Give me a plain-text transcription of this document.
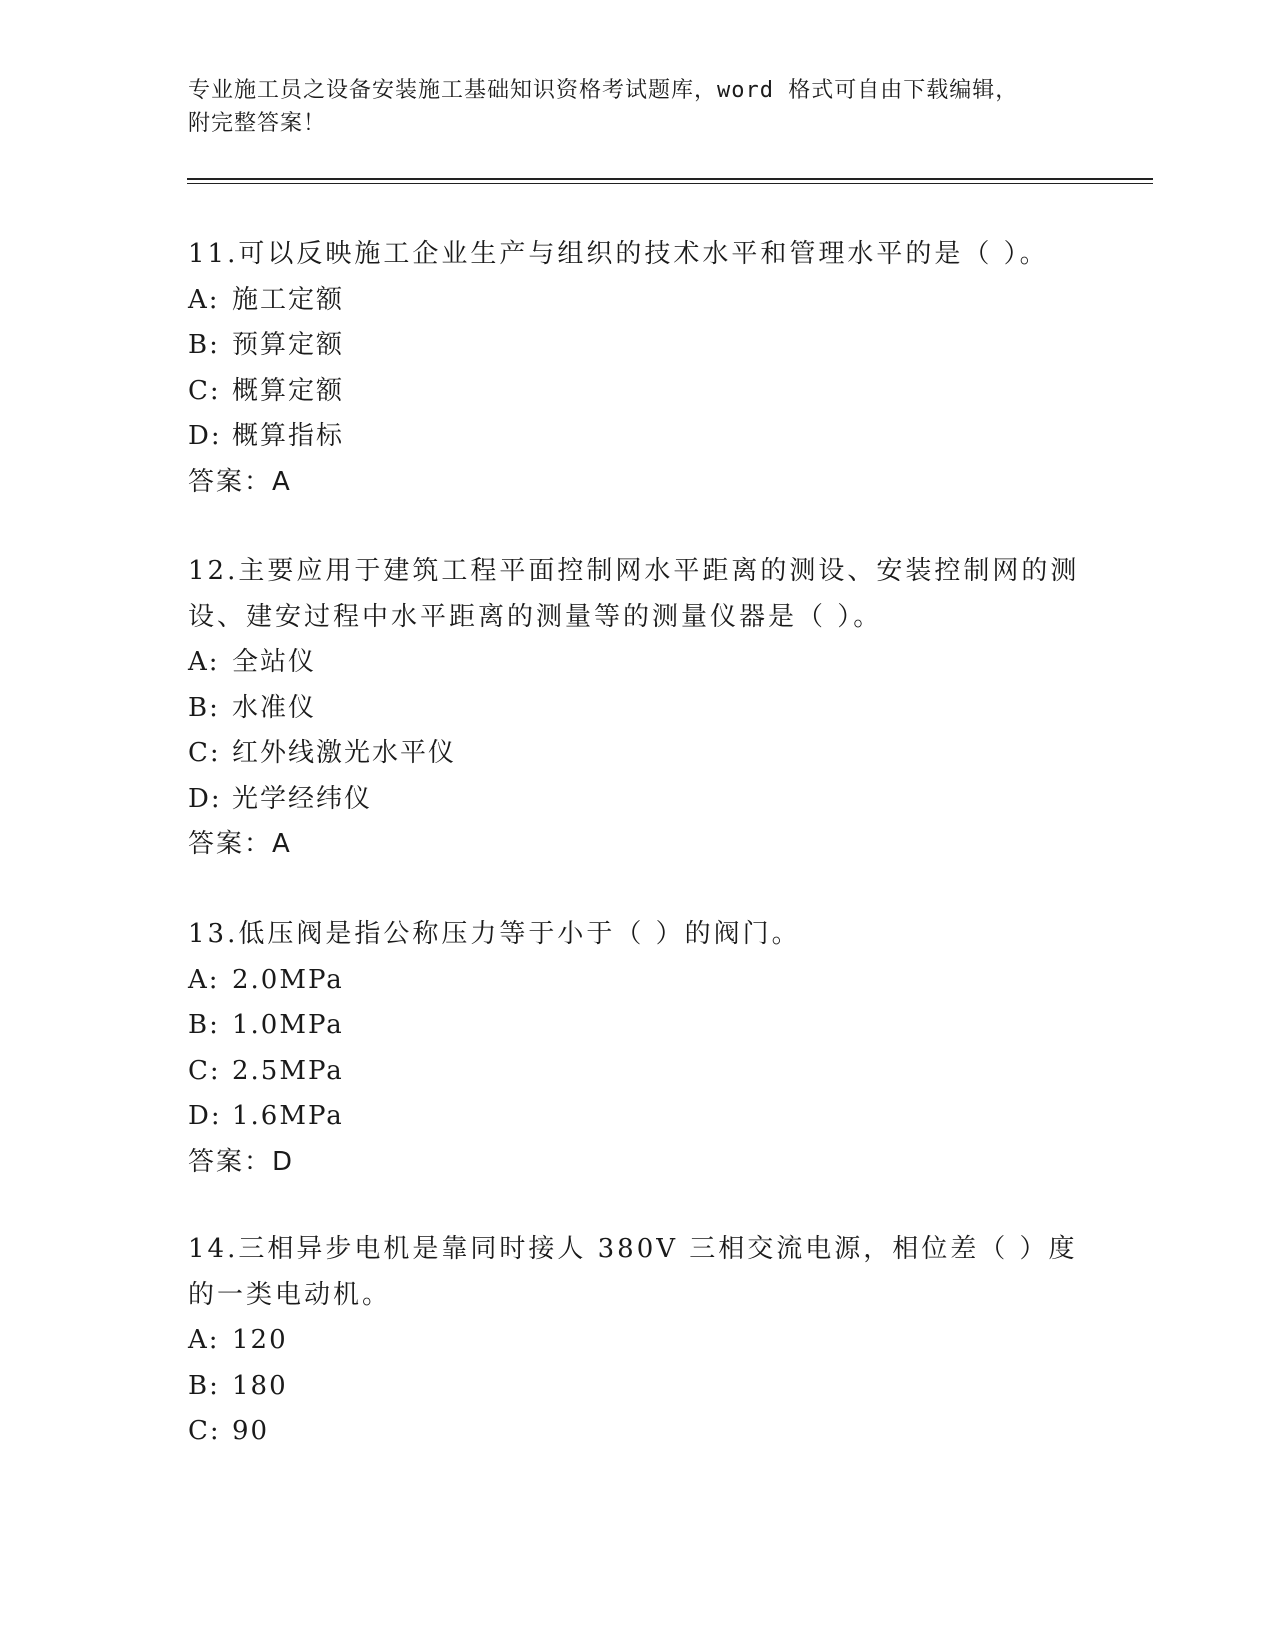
专业施工员之设备安装施工基础知识资格考试题库，word 格式可自由下载编辑，
附完整答案！

11.可以反映施工企业生产与组织的技术水平和管理水平的是（ ）。

A: 施工定额

B: 预算定额

C: 概算定额

D: 概算指标

答案：A

12.主要应用于建筑工程平面控制网水平距离的测设、安装控制网的测设、建安过程中水平距离的测量等的测量仪器是（ ）。

A: 全站仪

B: 水准仪

C: 红外线激光水平仪

D: 光学经纬仪

答案：A

13.低压阀是指公称压力等于小于（ ）的阀门。

A: 2.0MPa

B: 1.0MPa

C: 2.5MPa

D: 1.6MPa

答案：D

14.三相异步电机是靠同时接人 380V 三相交流电源，相位差（ ）度的一类电动机。

A: 120

B: 180

C: 90
